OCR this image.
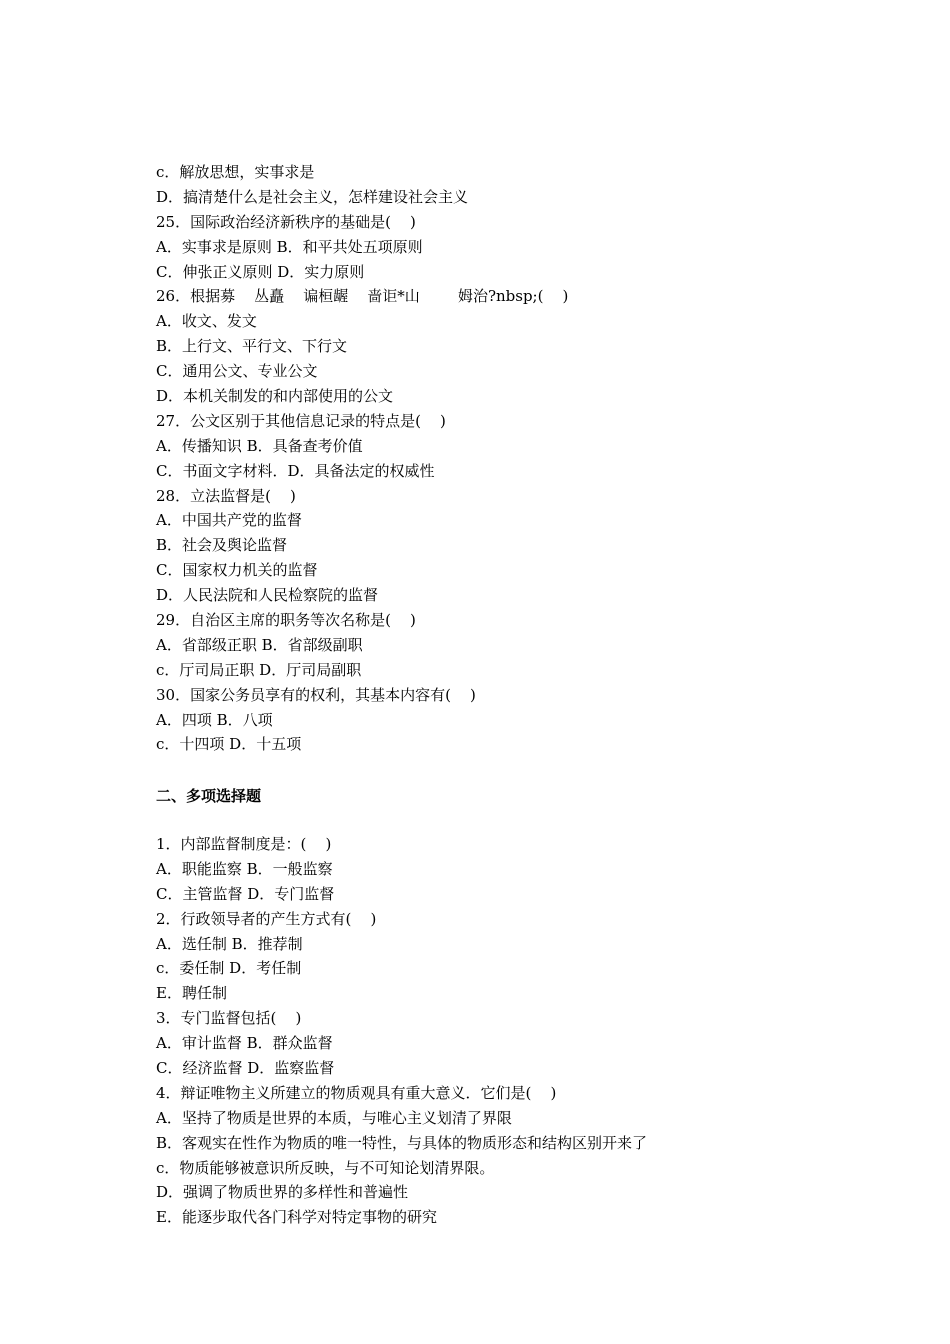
c．解放思想，实事求是
D．搞清楚什么是社会主义，怎样建设社会主义
25．国际政治经济新秩序的基础是(    )
A．实事求是原则 B．和平共处五项原则
C．伸张正义原则 D．实力原则
26．根据募    丛矗    谝桓龌    啬讵*山        姆治?nbsp;(    )
A．收文、发文
B．上行文、平行文、下行文
C．通用公文、专业公文
D．本机关制发的和内部使用的公文
27．公文区别于其他信息记录的特点是(    )
A．传播知识 B．具备查考价值
C．书面文字材料．D．具备法定的权威性
28．立法监督是(    )
A．中国共产党的监督
B．社会及舆论监督
C．国家权力机关的监督
D．人民法院和人民检察院的监督
29．自治区主席的职务等次名称是(    )
A．省部级正职 B．省部级副职
c．厅司局正职 D．厅司局副职
30．国家公务员享有的权利，其基本内容有(    )
A．四项 B．八项
c．十四项 D．十五项
二、多项选择题
1．内部监督制度是：(    )
A．职能监察 B．一般监察
C．主管监督 D．专门监督
2．行政领导者的产生方式有(    )
A．选任制 B．推荐制
c．委任制 D．考任制
E．聘任制
3．专门监督包括(    )
A．审计监督 B．群众监督
C．经济监督 D．监察监督
4．辩证唯物主义所建立的物质观具有重大意义．它们是(    )
A．坚持了物质是世界的本质，与唯心主义划清了界限
B．客观实在性作为物质的唯一特性，与具体的物质形态和结构区别开来了
c．物质能够被意识所反映，与不可知论划清界限。
D．强调了物质世界的多样性和普遍性
E．能逐步取代各门科学对特定事物的研究
